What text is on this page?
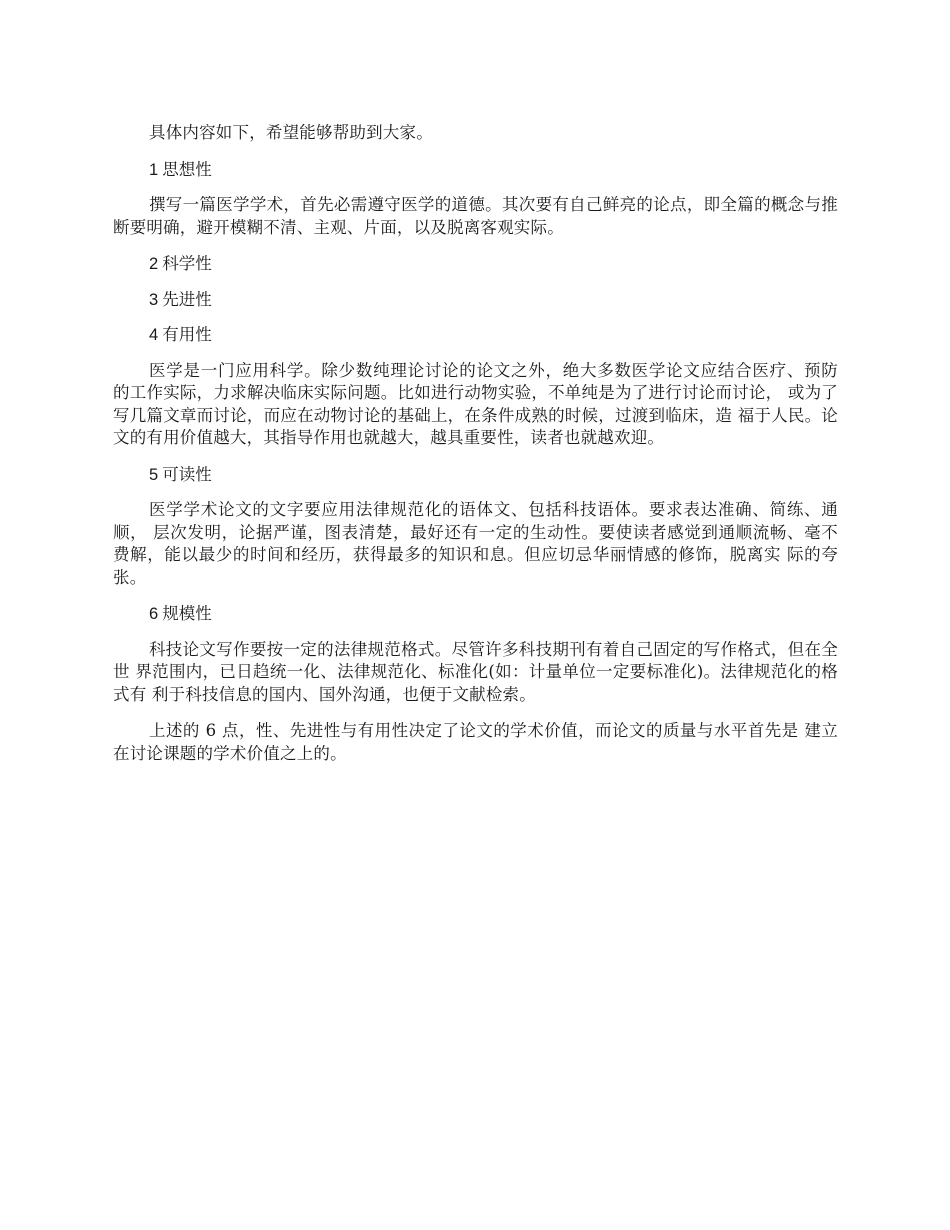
具体内容如下，希望能够帮助到大家。

1 思想性

撰写一篇医学学术，首先必需遵守医学的道德。其次要有自己鲜亮的论点，即全篇的概念与推断要明确，避开模糊不清、主观、片面，以及脱离客观实际。

2 科学性

3 先进性

4 有用性

医学是一门应用科学。除少数纯理论讨论的论文之外，绝大多数医学论文应结合医疗、预防 的工作实际，力求解决临床实际问题。比如进行动物实验，不单纯是为了进行讨论而讨论， 或为了写几篇文章而讨论，而应在动物讨论的基础上，在条件成熟的时候，过渡到临床，造 福于人民。论文的有用价值越大，其指导作用也就越大，越具重要性，读者也就越欢迎。

5 可读性

医学学术论文的文字要应用法律规范化的语体文、包括科技语体。要求表达准确、简练、通顺， 层次发明，论据严谨，图表清楚，最好还有一定的生动性。要使读者感觉到通顺流畅、毫不 费解，能以最少的时间和经历，获得最多的知识和息。但应切忌华丽情感的修饰，脱离实 际的夸张。

6 规模性

科技论文写作要按一定的法律规范格式。尽管许多科技期刊有着自己固定的写作格式，但在全世 界范围内，已日趋统一化、法律规范化、标准化(如：计量单位一定要标准化)。法律规范化的格式有 利于科技信息的国内、国外沟通，也便于文献检索。

上述的 6 点，性、先进性与有用性决定了论文的学术价值，而论文的质量与水平首先是 建立在讨论课题的学术价值之上的。
